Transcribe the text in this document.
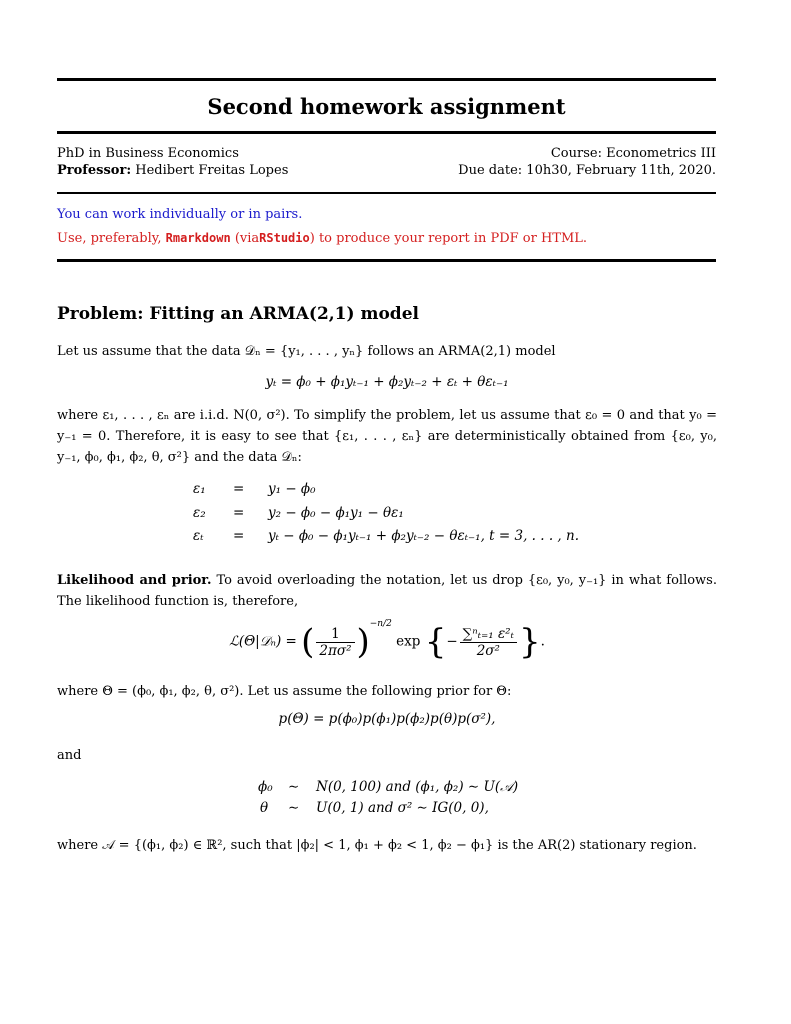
Second homework assignment
PhD in Business Economics
Professor: Hedibert Freitas Lopes
Course: Econometrics III
Due date: 10h30, February 11th, 2020.
You can work individually or in pairs.
Use, preferably, Rmarkdown (viaRStudio) to produce your report in PDF or HTML.
Problem: Fitting an ARMA(2,1) model
Let us assume that the data 𝒟ₙ = {y₁, . . . , yₙ} follows an ARMA(2,1) model
yₜ = ϕ₀ + ϕ₁yₜ₋₁ + ϕ₂yₜ₋₂ + εₜ + θεₜ₋₁
where ε₁, . . . , εₙ are i.i.d. N(0, σ²). To simplify the problem, let us assume that ε₀ = 0 and that y₀ = y₋₁ = 0. Therefore, it is easy to see that {ε₁, . . . , εₙ} are deterministically obtained from {ε₀, y₀, y₋₁, ϕ₀, ϕ₁, ϕ₂, θ, σ²} and the data 𝒟ₙ:
ε₁ = y₁ − ϕ₀
ε₂ = y₂ − ϕ₀ − ϕ₁y₁ − θε₁
εₜ = yₜ − ϕ₀ − ϕ₁yₜ₋₁ + ϕ₂yₜ₋₂ − θεₜ₋₁, t = 3, . . . , n.
Likelihood and prior. To avoid overloading the notation, let us drop {ε₀, y₀, y₋₁} in what follows. The likelihood function is, therefore,
ℒ(Θ|𝒟ₙ) = ( $\frac{1}{\text{2πσ²}} )^{-n/2}$ exp {− $\frac{\text{∑ⁿₜ₌₁ ε²ₜ}}{\text{2σ²}}$ }.
where Θ = (ϕ₀, ϕ₁, ϕ₂, θ, σ²). Let us assume the following prior for Θ:
p(Θ) = p(ϕ₀)p(ϕ₁)p(ϕ₂)p(θ)p(σ²),
and
ϕ₀ ∼ N(0, 100) and (ϕ₁, ϕ₂) ∼ U(𝒜)
θ ∼ U(0, 1) and σ² ∼ IG(0, 0),
where 𝒜 = {(ϕ₁, ϕ₂) ∈ ℝ², such that |ϕ₂| < 1, ϕ₁ + ϕ₂ < 1, ϕ₂ − ϕ₁} is the AR(2) stationary region.
